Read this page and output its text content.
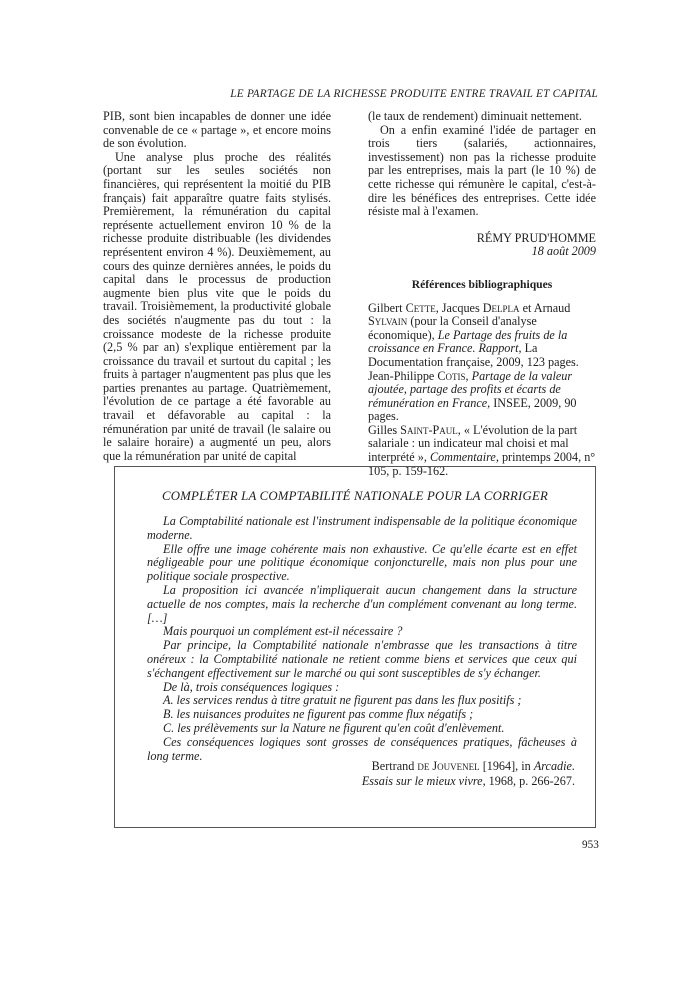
LE PARTAGE DE LA RICHESSE PRODUITE ENTRE TRAVAIL ET CAPITAL

PIB, sont bien incapables de donner une idée convenable de ce « partage », et encore moins de son évolution.

Une analyse plus proche des réalités (portant sur les seules sociétés non financières, qui représentent la moitié du PIB français) fait apparaître quatre faits stylisés. Premièrement, la rémunération du capital représente actuellement environ 10 % de la richesse produite distribuable (les dividendes représentent environ 4 %). Deuxièmement, au cours des quinze dernières années, le poids du capital dans le processus de production augmente bien plus vite que le poids du travail. Troisièmement, la productivité globale des sociétés n'augmente pas du tout : la croissance modeste de la richesse produite (2,5 % par an) s'explique entièrement par la croissance du travail et surtout du capital ; les fruits à partager n'augmentent pas plus que les parties prenantes au partage. Quatrièmement, l'évolution de ce partage a été favorable au travail et défavorable au capital : la rémunération par unité de travail (le salaire ou le salaire horaire) a augmenté un peu, alors que la rémunération par unité de capital

(le taux de rendement) diminuait nettement.

On a enfin examiné l'idée de partager en trois tiers (salariés, actionnaires, investissement) non pas la richesse produite par les entreprises, mais la part (le 10 %) de cette richesse qui rémunère le capital, c'est-à-dire les bénéfices des entreprises. Cette idée résiste mal à l'examen.

RÉMY PRUD'HOMME
18 août 2009
Références bibliographiques

Gilbert Cette, Jacques Delpla et Arnaud Sylvain (pour la Conseil d'analyse économique), Le Partage des fruits de la croissance en France. Rapport, La Documentation française, 2009, 123 pages.

Jean-Philippe Cotis, Partage de la valeur ajoutée, partage des profits et écarts de rémunération en France, INSEE, 2009, 90 pages.

Gilles Saint-Paul, « L'évolution de la part salariale : un indicateur mal choisi et mal interprété », Commentaire, printemps 2004, n° 105, p. 159-162.

COMPLÉTER LA COMPTABILITÉ NATIONALE POUR LA CORRIGER

La Comptabilité nationale est l'instrument indispensable de la politique économique moderne.

Elle offre une image cohérente mais non exhaustive. Ce qu'elle écarte est en effet négligeable pour une politique économique conjoncturelle, mais non plus pour une politique sociale prospective.

La proposition ici avancée n'impliquerait aucun changement dans la structure actuelle de nos comptes, mais la recherche d'un complément convenant au long terme. […]

Mais pourquoi un complément est-il nécessaire ?

Par principe, la Comptabilité nationale n'embrasse que les transactions à titre onéreux : la Comptabilité nationale ne retient comme biens et services que ceux qui s'échangent effectivement sur le marché ou qui sont susceptibles de s'y échanger.

De là, trois conséquences logiques :

A. les services rendus à titre gratuit ne figurent pas dans les flux positifs ;

B. les nuisances produites ne figurent pas comme flux négatifs ;

C. les prélèvements sur la Nature ne figurent qu'en coût d'enlèvement.

Ces conséquences logiques sont grosses de conséquences pratiques, fâcheuses à long terme.

Bertrand de Jouvenel [1964], in Arcadie.
Essais sur le mieux vivre, 1968, p. 266-267.
953
